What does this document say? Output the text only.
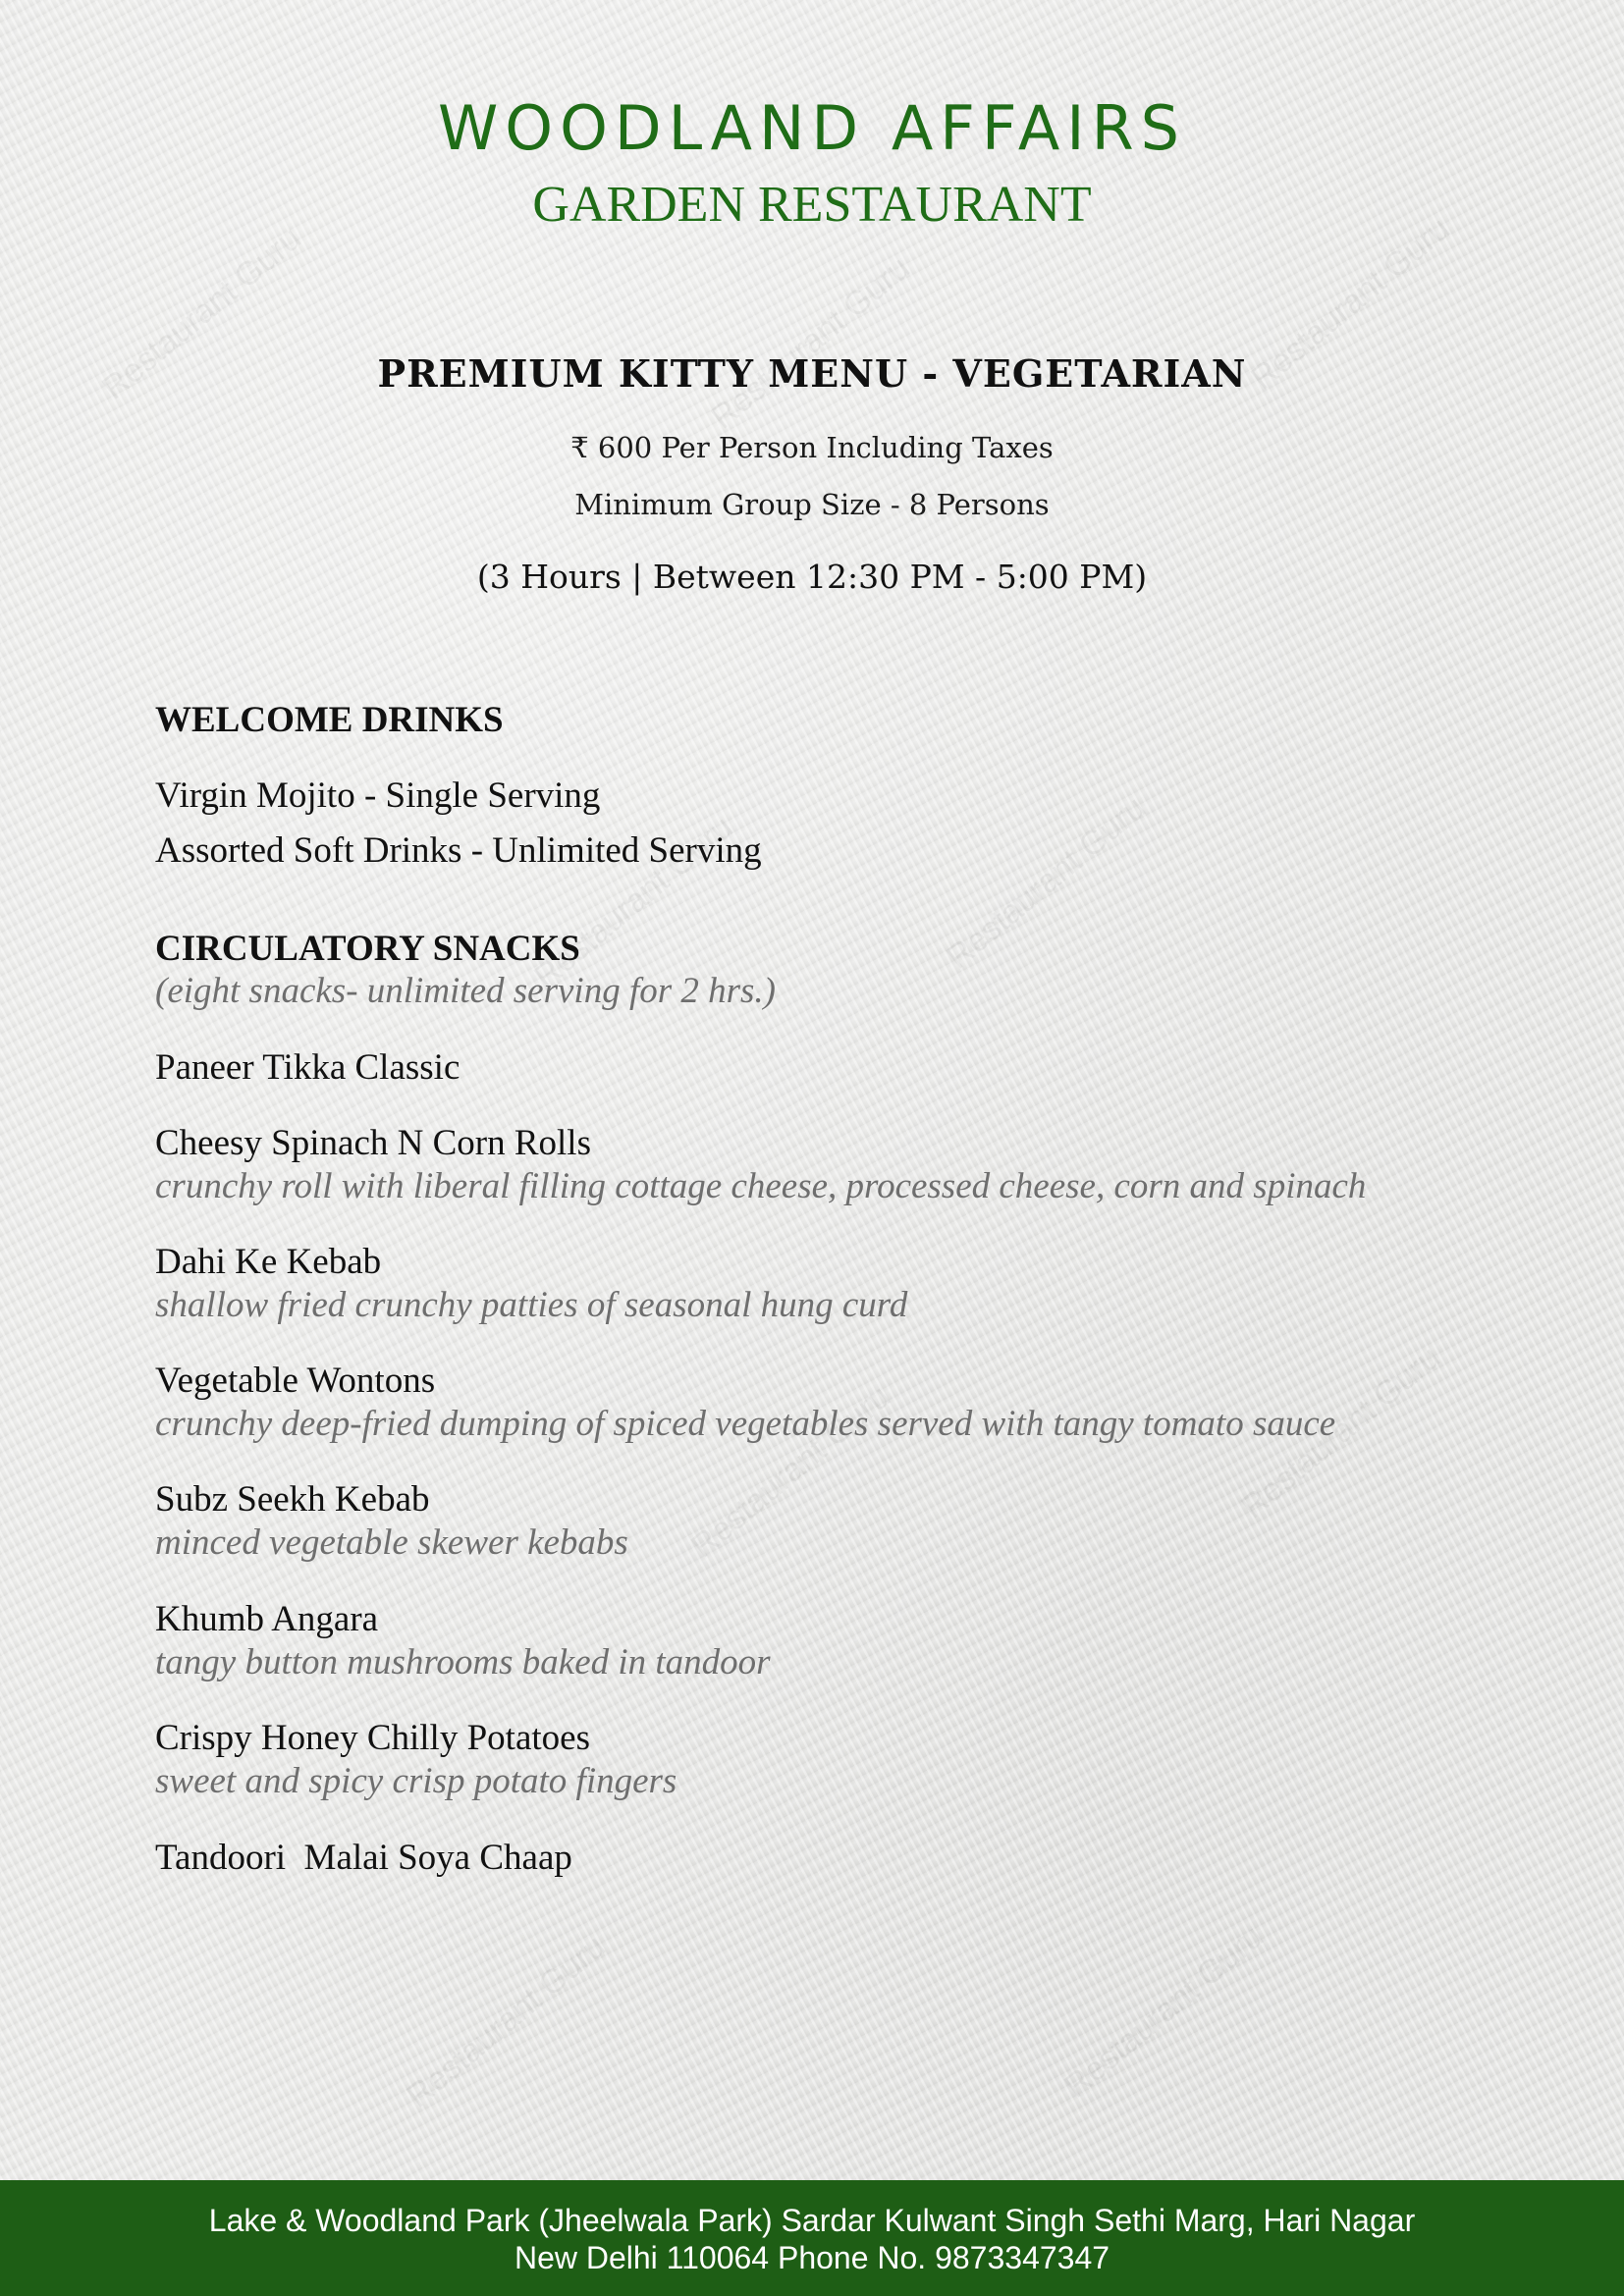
WOODLAND AFFAIRS
GARDEN RESTAURANT
PREMIUM KITTY MENU - VEGETARIAN
₹ 600 Per Person Including Taxes
Minimum Group Size - 8 Persons
(3 Hours | Between 12:30 PM - 5:00 PM)
WELCOME DRINKS
Virgin Mojito - Single Serving
Assorted Soft Drinks - Unlimited Serving
CIRCULATORY SNACKS
(eight snacks- unlimited serving for 2 hrs.)
Paneer Tikka Classic
Cheesy Spinach N Corn Rolls
crunchy roll with liberal filling cottage cheese, processed cheese, corn and spinach
Dahi Ke Kebab
shallow fried crunchy patties of seasonal hung curd
Vegetable Wontons
crunchy deep-fried dumping of spiced vegetables served with tangy tomato sauce
Subz Seekh Kebab
minced vegetable skewer kebabs
Khumb Angara
tangy button mushrooms baked in tandoor
Crispy Honey Chilly Potatoes
sweet and spicy crisp potato fingers
Tandoori  Malai Soya Chaap
Lake & Woodland Park (Jheelwala Park) Sardar Kulwant Singh Sethi Marg, Hari Nagar
New Delhi 110064 Phone No. 9873347347
